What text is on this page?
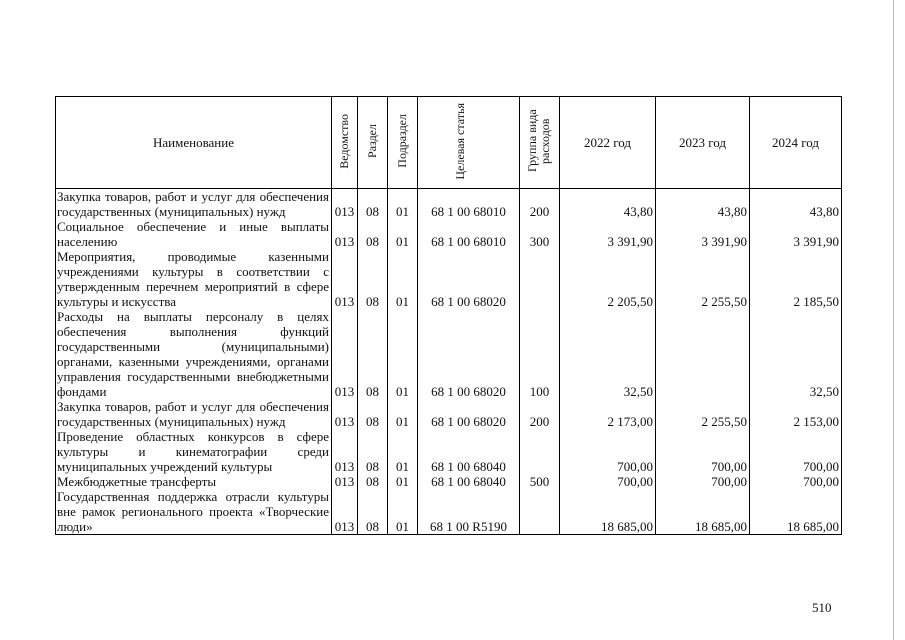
Наименование	Ведомство	Раздел	Подраздел	Целевая статья	Группа вида расходов	2022 год	2023 год	2024 год
Закупка товаров, работ и услуг для обеспечения государственных (муниципальных) нужд	013	08	01	68 1 00 68010	200	43,80	43,80	43,80
Социальное обеспечение и иные выплаты населению	013	08	01	68 1 00 68010	300	3 391,90	3 391,90	3 391,90
Мероприятия, проводимые казенными учреждениями культуры в соответствии с утвержденным перечнем мероприятий в сфере культуры и искусства	013	08	01	68 1 00 68020		2 205,50	2 255,50	2 185,50
Расходы на выплаты персоналу в целях обеспечения выполнения функций государственными (муниципальными) органами, казенными учреждениями, органами управления государственными внебюджетными фондами	013	08	01	68 1 00 68020	100	32,50		32,50
Закупка товаров, работ и услуг для обеспечения государственных (муниципальных) нужд	013	08	01	68 1 00 68020	200	2 173,00	2 255,50	2 153,00
Проведение областных конкурсов в сфере культуры и кинематографии среди муниципальных учреждений культуры	013	08	01	68 1 00 68040		700,00	700,00	700,00
Межбюджетные трансферты	013	08	01	68 1 00 68040	500	700,00	700,00	700,00
Государственная поддержка отрасли культуры вне рамок регионального проекта «Творческие люди»	013	08	01	68 1 00 R5190		18 685,00	18 685,00	18 685,00
510
